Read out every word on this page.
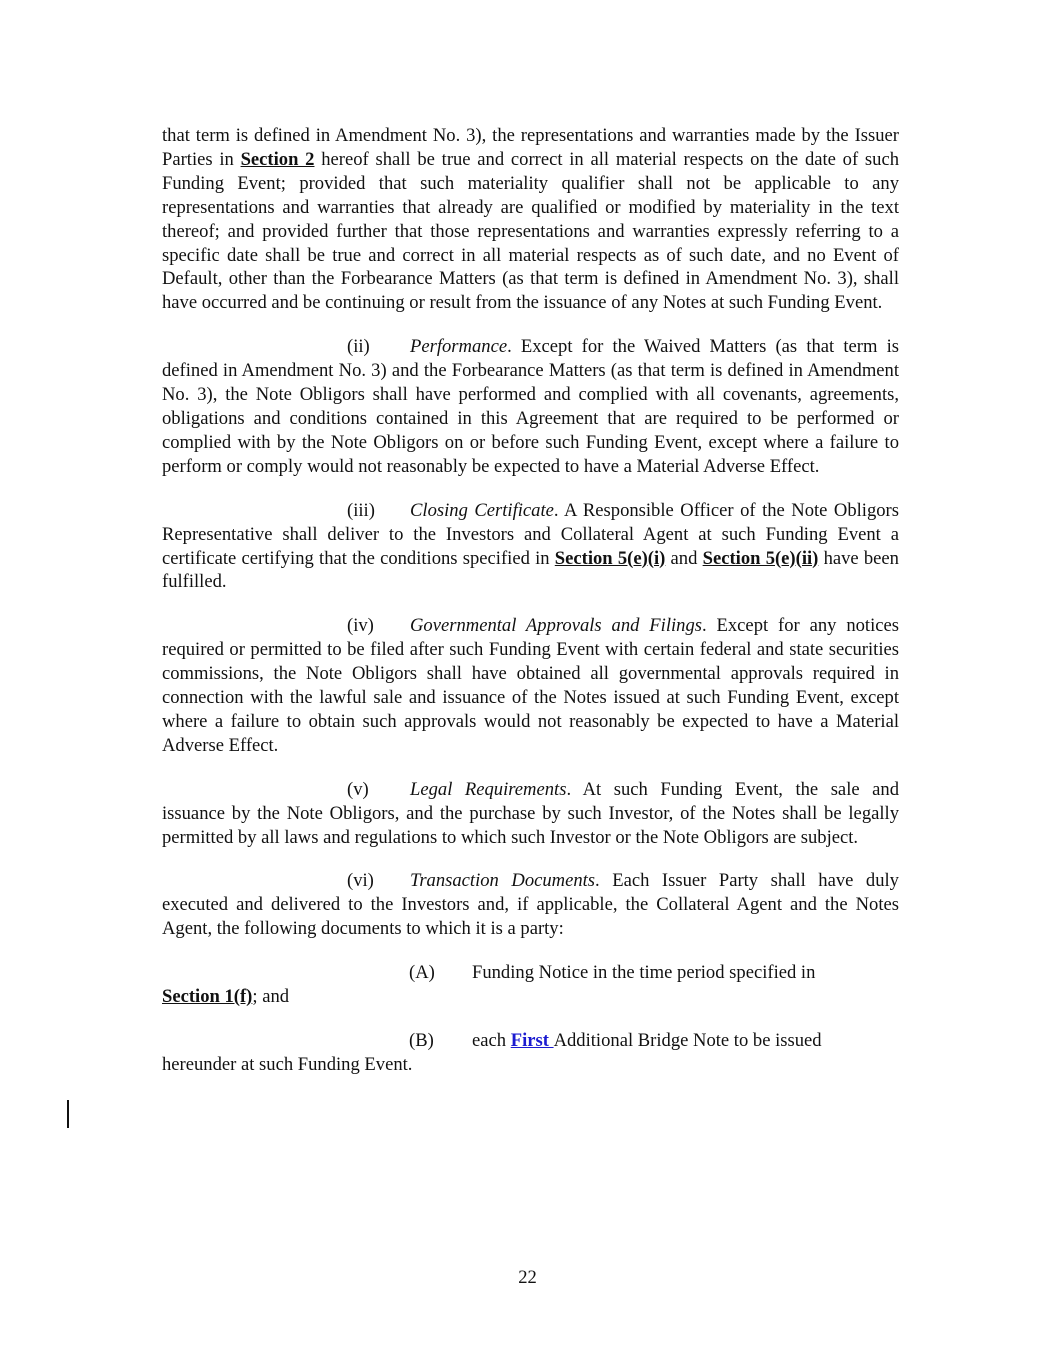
that term is defined in Amendment No. 3), the representations and warranties made by the Issuer Parties in Section 2 hereof shall be true and correct in all material respects on the date of such Funding Event; provided that such materiality qualifier shall not be applicable to any representations and warranties that already are qualified or modified by materiality in the text thereof; and provided further that those representations and warranties expressly referring to a specific date shall be true and correct in all material respects as of such date, and no Event of Default, other than the Forbearance Matters (as that term is defined in Amendment No. 3), shall have occurred and be continuing or result from the issuance of any Notes at such Funding Event.

(ii) Performance. Except for the Waived Matters (as that term is defined in Amendment No. 3) and the Forbearance Matters (as that term is defined in Amendment No. 3), the Note Obligors shall have performed and complied with all covenants, agreements, obligations and conditions contained in this Agreement that are required to be performed or complied with by the Note Obligors on or before such Funding Event, except where a failure to perform or comply would not reasonably be expected to have a Material Adverse Effect.

(iii) Closing Certificate. A Responsible Officer of the Note Obligors Representative shall deliver to the Investors and Collateral Agent at such Funding Event a certificate certifying that the conditions specified in Section 5(e)(i) and Section 5(e)(ii) have been fulfilled.

(iv) Governmental Approvals and Filings. Except for any notices required or permitted to be filed after such Funding Event with certain federal and state securities commissions, the Note Obligors shall have obtained all governmental approvals required in connection with the lawful sale and issuance of the Notes issued at such Funding Event, except where a failure to obtain such approvals would not reasonably be expected to have a Material Adverse Effect.

(v) Legal Requirements. At such Funding Event, the sale and issuance by the Note Obligors, and the purchase by such Investor, of the Notes shall be legally permitted by all laws and regulations to which such Investor or the Note Obligors are subject.

(vi) Transaction Documents. Each Issuer Party shall have duly executed and delivered to the Investors and, if applicable, the Collateral Agent and the Notes Agent, the following documents to which it is a party:

(A) Funding Notice in the time period specified in
Section 1(f); and

(B) each First Additional Bridge Note to be issued
hereunder at such Funding Event.

22
